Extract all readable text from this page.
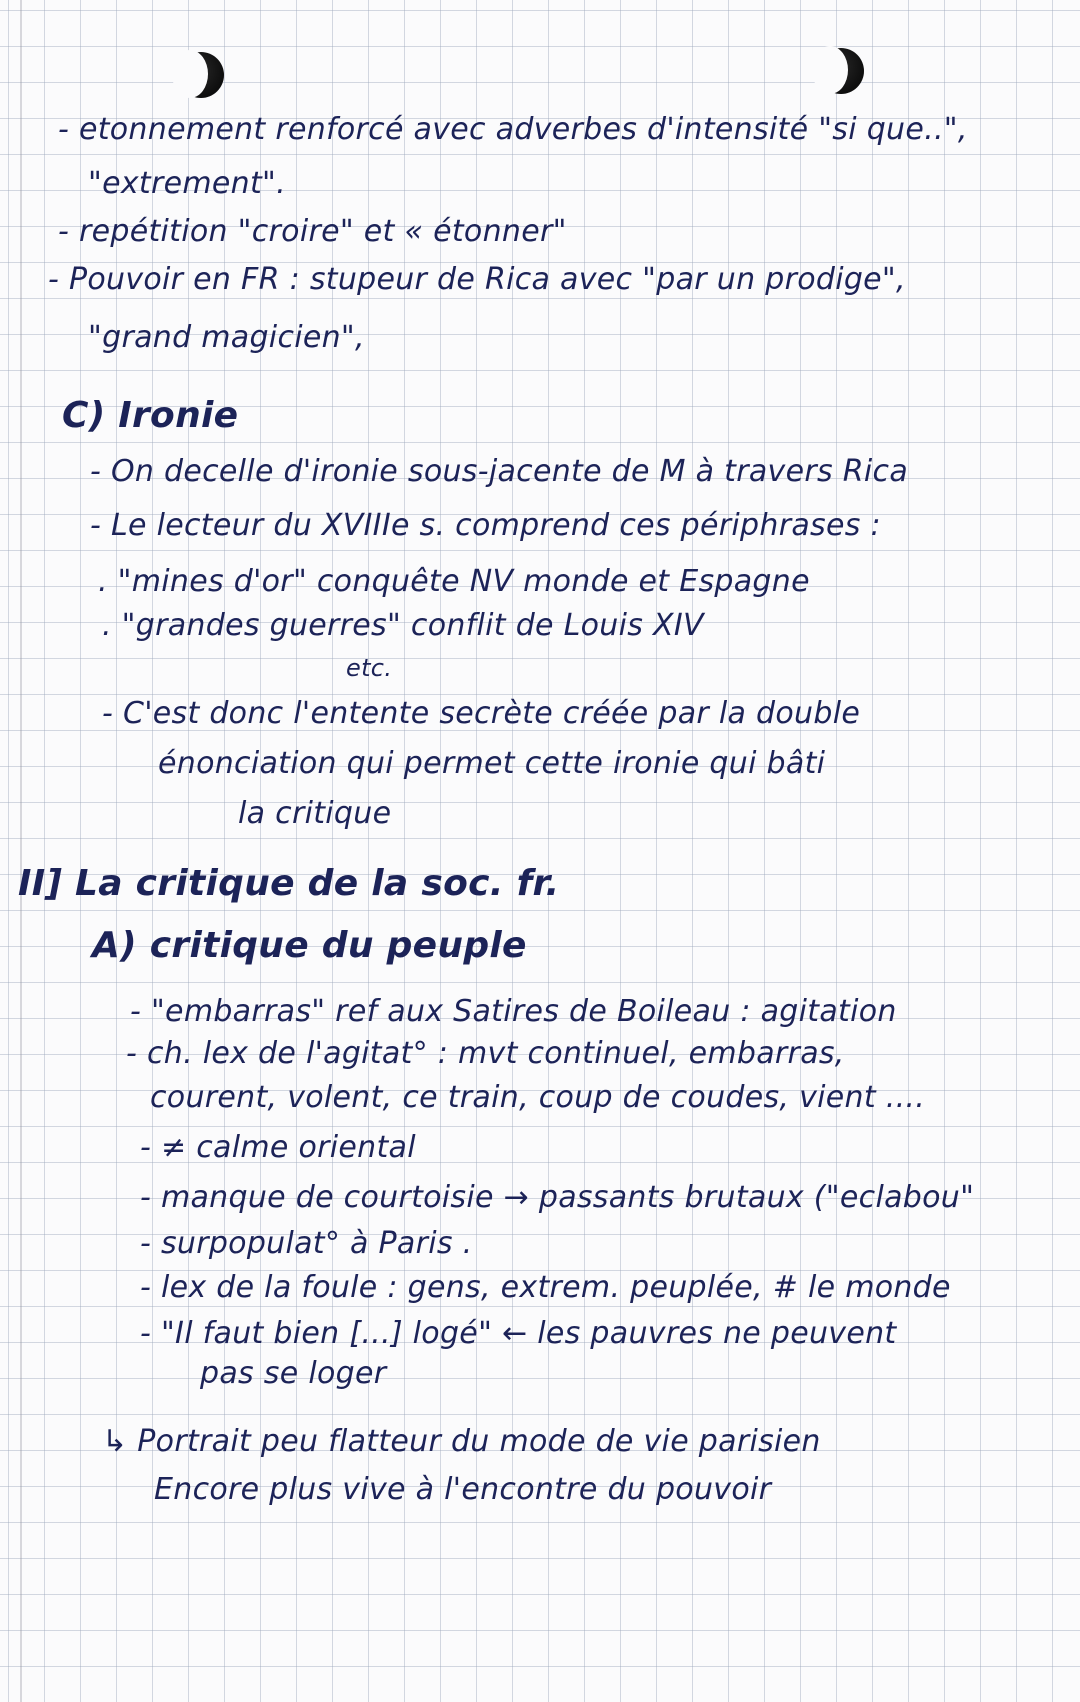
- etonnement renforcé avec adverbes d'intensité "si que..",
"extrement".
- repétition "croire" et « étonner"
- Pouvoir en FR : stupeur de Rica avec "par un prodige",
"grand magicien",
C) Ironie
- On decelle d'ironie sous-jacente de M à travers Rica
- Le lecteur du XVIIIe s. comprend ces périphrases :
. "mines d'or" conquête NV monde et Espagne
. "grandes guerres" conflit de Louis XIV
etc.
- C'est donc l'entente secrète créée par la double
énonciation qui permet cette ironie qui bâti
la critique
II] La critique de la soc. fr.
A) critique du peuple
- "embarras" ref aux Satires de Boileau : agitation
- ch. lex de l'agitat° : mvt continuel, embarras,
courent, volent, ce train, coup de coudes, vient ....
- ≠ calme oriental
- manque de courtoisie → passants brutaux ("eclabou"
- surpopulat° à Paris .
- lex de la foule : gens, extrem. peuplée, # le monde
- "Il faut bien [...] logé" ← les pauvres ne peuvent
pas se loger
↳ Portrait peu flatteur du mode de vie parisien
Encore plus vive à l'encontre du pouvoir
